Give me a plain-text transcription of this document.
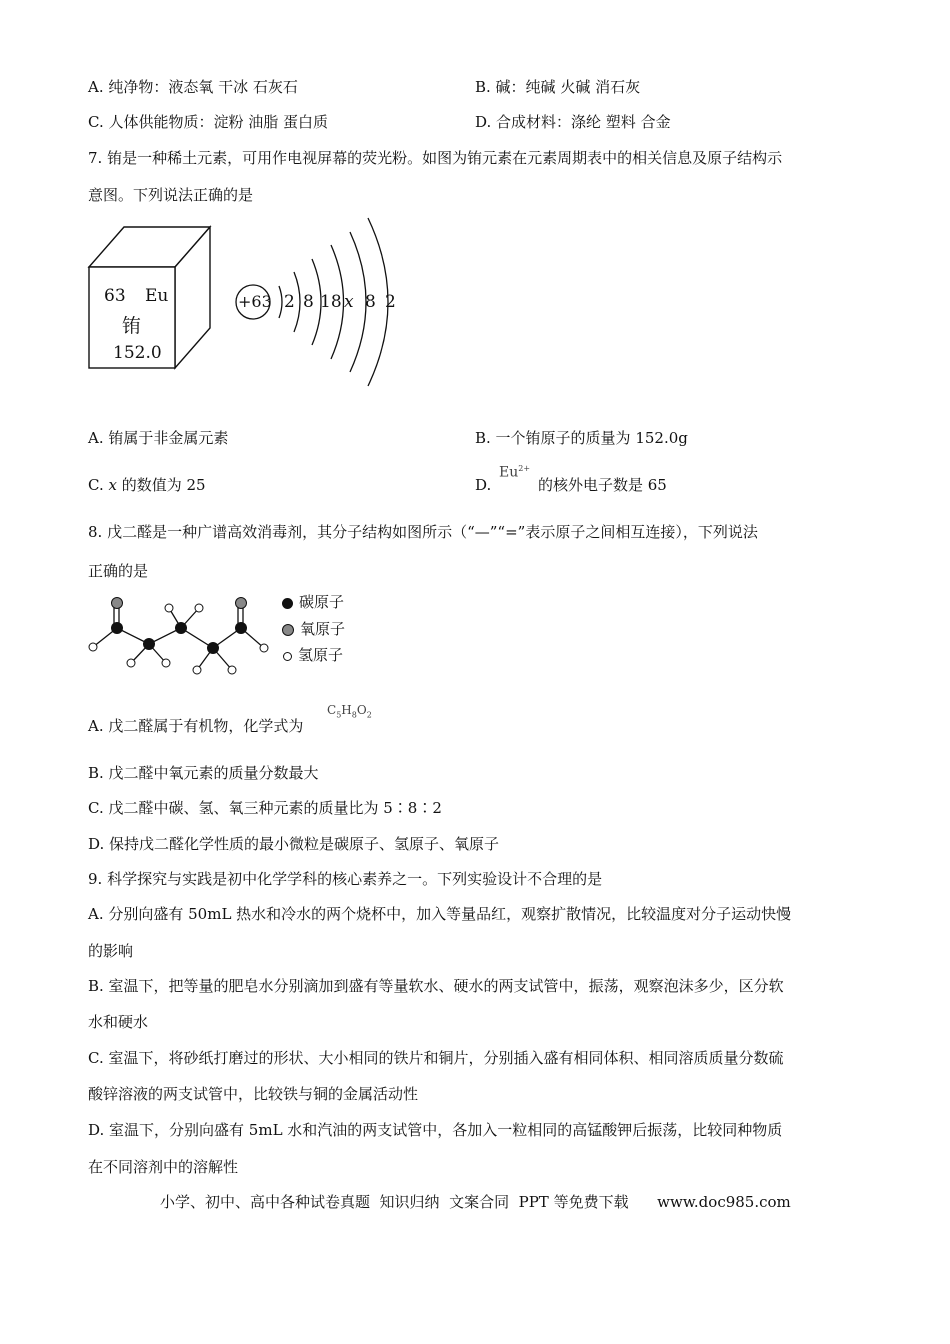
A. 纯净物：液态氧 干冰 石灰石	B. 碱：纯碱 火碱 消石灰
C. 人体供能物质：淀粉 油脂 蛋白质	D. 合成材料：涤纶 塑料 合金
7. 铕是一种稀土元素，可用作电视屏幕的荧光粉。如图为铕元素在元素周期表中的相关信息及原子结构示
意图。下列说法正确的是
63 Eu
铕
152.0
+63 2 8 18 x 8 2
A. 铕属于非金属元素	B. 一个铕原子的质量为 152.0g
C. x 的数值为 25	D.
$Eu^{2+}$
的核外电子数是 65
8. 戊二醛是一种广谱高效消毒剂，其分子结构如图所示（“—”“=”表示原子之间相互连接），下列说法
正确的是
碳原子
氧原子
氢原子
A. 戊二醛属于有机物，化学式为
$C_5H_8O_2$
B. 戊二醛中氧元素的质量分数最大
C. 戊二醛中碳、氢、氧三种元素的质量比为 5∶8∶2
D. 保持戊二醛化学性质的最小微粒是碳原子、氢原子、氧原子
9. 科学探究与实践是初中化学学科的核心素养之一。下列实验设计不合理的是
A. 分别向盛有 50mL 热水和冷水的两个烧杯中，加入等量品红，观察扩散情况，比较温度对分子运动快慢
的影响
B. 室温下，把等量的肥皂水分别滴加到盛有等量软水、硬水的两支试管中，振荡，观察泡沫多少，区分软
水和硬水
C. 室温下，将砂纸打磨过的形状、大小相同的铁片和铜片，分别插入盛有相同体积、相同溶质质量分数硫
酸锌溶液的两支试管中，比较铁与铜的金属活动性
D. 室温下，分别向盛有 5mL 水和汽油的两支试管中，各加入一粒相同的高锰酸钾后振荡，比较同种物质
在不同溶剂中的溶解性
小学、初中、高中各种试卷真题  知识归纳  文案合同  PPT 等免费下载      www.doc985.com
